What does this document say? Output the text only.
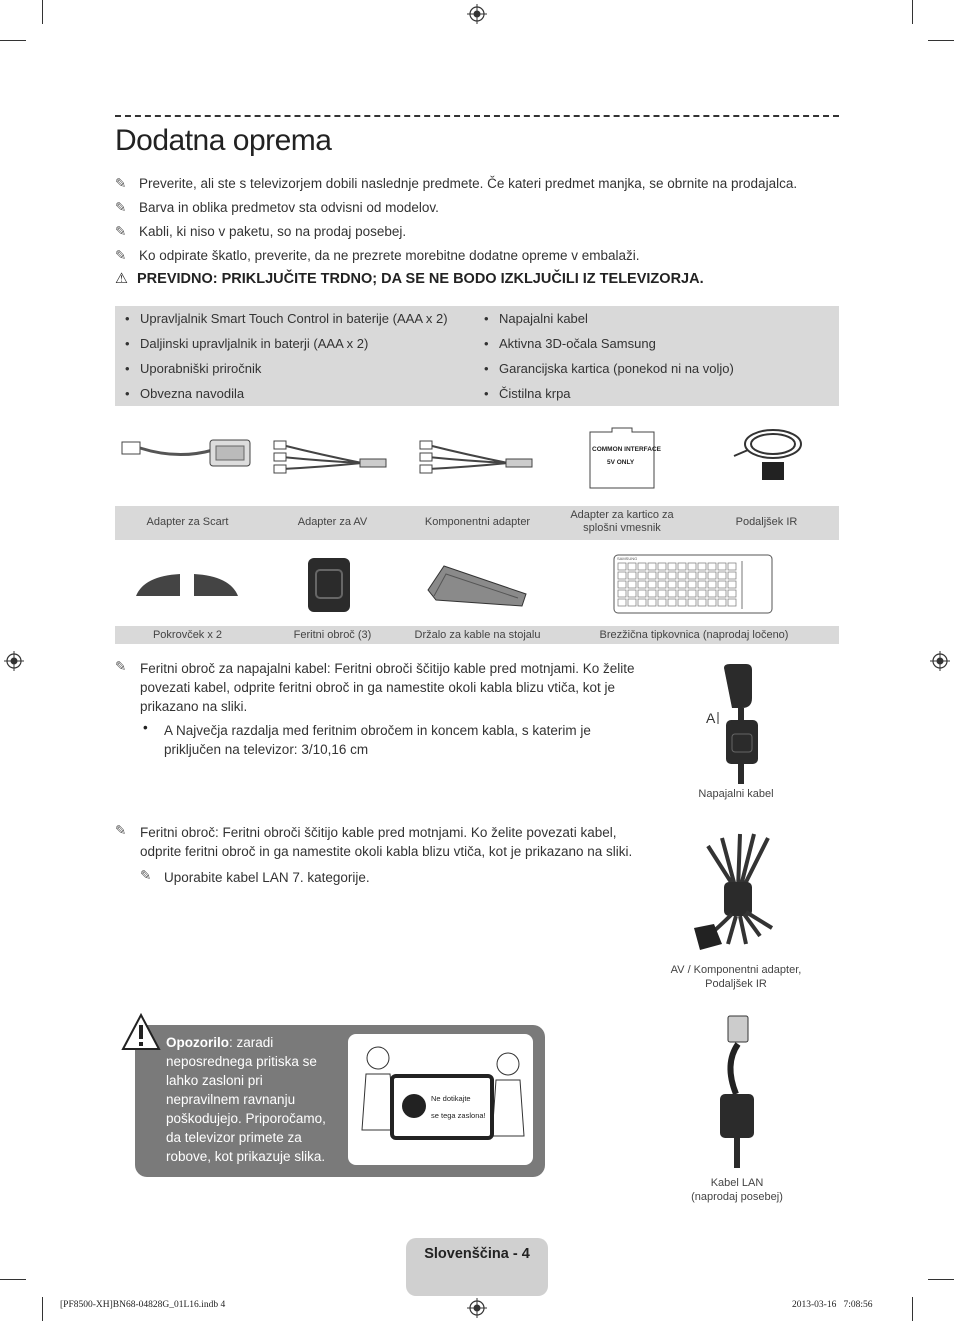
Dodatna oprema
✎ Preverite, ali ste s televizorjem dobili naslednje predmete. Če kateri predmet manjka, se obrnite na prodajalca.
✎ Barva in oblika predmetov sta odvisni od modelov.
✎ Kabli, ki niso v paketu, so na prodaj posebej.
✎ Ko odpirate škatlo, preverite, da ne prezrete morebitne dodatne opreme v embalaži.
⚠ PREVIDNO: PRIKLJUČITE TRDNO; DA SE NE BODO IZKLJUČILI IZ TELEVIZORJA.
• Upravljalnik Smart Touch Control in baterije (AAA x 2)
• Daljinski upravljalnik in baterji (AAA x 2)
• Uporabniški priročnik
• Obvezna navodila
• Napajalni kabel
• Aktivna 3D-očala Samsung
• Garancijska kartica (ponekod ni na voljo)
• Čistilna krpa
COMMON INTERFACE
5V ONLY
Adapter za Scart	Adapter za AV	Komponentni adapter
Adapter za kartico za splošni vmesnik	Podaljšek IR
SAMSUNG
Pokrovček x 2	Feritni obroč (3)	Držalo za kable na stojalu	Brezžična tipkovnica (naprodaj ločeno)
✎ Feritni obroč za napajalni kabel: Feritni obroči ščitijo kable pred motnjami. Ko želite
povezati kabel, odprite feritni obroč in ga namestite okoli kabla blizu vtiča, kot je
prikazano na sliki.
• A Največja razdalja med feritnim obročem in koncem kabla, s katerim je
priključen na televizor: 3/10,16 cm
A
Napajalni kabel
✎ Feritni obroč: Feritni obroči ščitijo kable pred motnjami. Ko želite povezati kabel,
odprite feritni obroč in ga namestite okoli kabla blizu vtiča, kot je prikazano na sliki.
✎ Uporabite kabel LAN 7. kategorije.
AV / Komponentni adapter,
Podaljšek IR
Opozorilo: zaradi neposrednega pritiska se lahko zasloni pri nepravilnem ravnanju poškodujejo. Priporočamo, da televizor primete za robove, kot prikazuje slika.
Ne dotikajte
se tega zaslona!
Kabel LAN
(naprodaj posebej)
Slovenščina - 4
[PF8500-XH]BN68-04828G_01L16.indb 4	2013-03-16   7:08:56
